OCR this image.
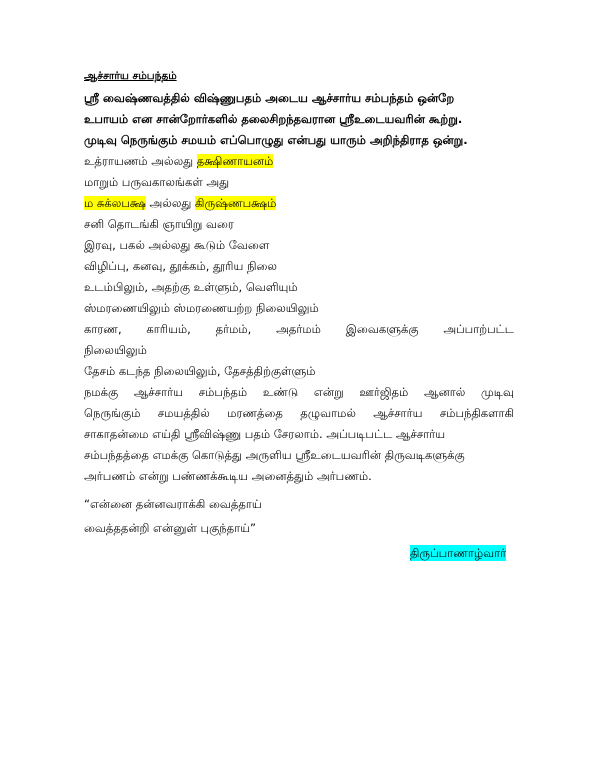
ஆச்சார்ய சம்பந்தம்
ஸ்ரீ வைஷ்ணவத்தில் விஷ்ணுபதம் அடைய ஆச்சார்ய சம்பந்தம் ஒன்றே
உபாயம் என சான்றோர்களில் தலைசிறந்தவரான ஸ்ரீஉடையவரின் கூற்று.
முடிவு நெருங்கும் சமயம் எப்பொழுது என்பது யாரும் அறிந்திராத ஒன்று.
உத்ராயணம் அல்லது தக்ஷிணாயனம்
மாறும் பருவகாலங்கள் அது
ம சுக்லபக்ஷ அல்லது கிருஷ்ணபக்ஷம்
சனி தொடங்கி ஞாயிறு வரை
இரவு, பகல் அல்லது கூடும் வேளை
விழிப்பு, கனவு, தூக்கம், தூரிய நிலை
உடம்பிலும், அதற்கு உள்ளும், வெளியும்
ஸ்மரணையிலும் ஸ்மரணையற்ற நிலையிலும்
காரண, காரியம், தர்மம், அதர்மம் இவைகளுக்கு அப்பாற்பட்ட
நிலையிலும்
தேசம் கடந்த நிலையிலும், தேசத்திற்குள்ளும்
நமக்கு ஆச்சார்ய சம்பந்தம் உண்டு என்று ஊர்ஜிதம் ஆனால் முடிவு
நெருங்கும் சமயத்தில் மரணத்தை தழுவாமல் ஆச்சார்ய சம்பந்திகளாகி
சாகாதன்மை எய்தி ஸ்ரீவிஷ்ணு பதம் சேரலாம். அப்படிபட்ட ஆச்சார்ய
சம்பந்தத்தை எமக்கு கொடுத்து அருளிய ஸ்ரீஉடையவரின் திருவடிகளுக்கு
அர்பணம் என்று பண்ணக்கூடிய அனைத்தும் அர்பணம்.
“என்னை தன்னவராக்கி வைத்தாய்
வைத்ததன்றி என்னுள் புகுந்தாய்”
திருப்பாணாழ்வார்
